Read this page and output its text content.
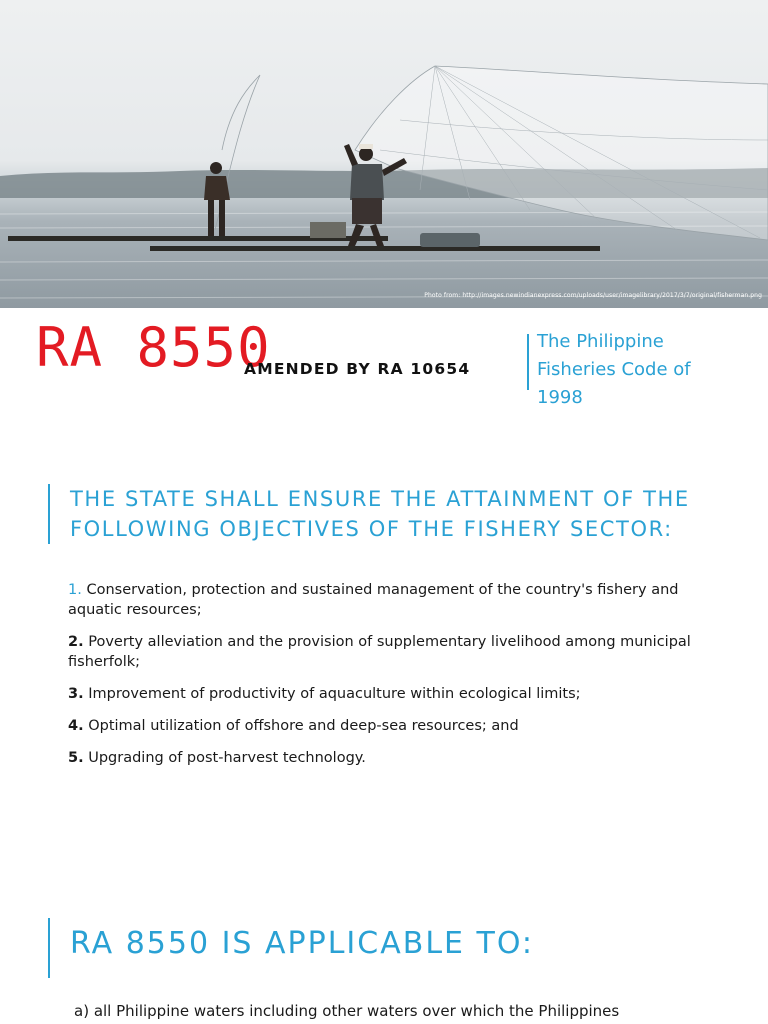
Photo from: http://images.newindianexpress.com/uploads/user/imagelibrary/2017/3/7/original/fisherman.png
RA 8550
AMENDED BY RA 10654
The Philippine Fisheries Code of 1998
THE STATE SHALL ENSURE THE ATTAINMENT OF THE FOLLOWING OBJECTIVES OF THE FISHERY SECTOR:
1. Conservation, protection and sustained management of the country's fishery and aquatic resources;
2. Poverty alleviation and the provision of supplementary livelihood among municipal fisherfolk;
3. Improvement of productivity of aquaculture within ecological limits;
4. Optimal utilization of offshore and deep-sea resources; and
5. Upgrading of post-harvest technology.
RA 8550 IS APPLICABLE TO:
a) all Philippine waters including other waters over which the Philippines
